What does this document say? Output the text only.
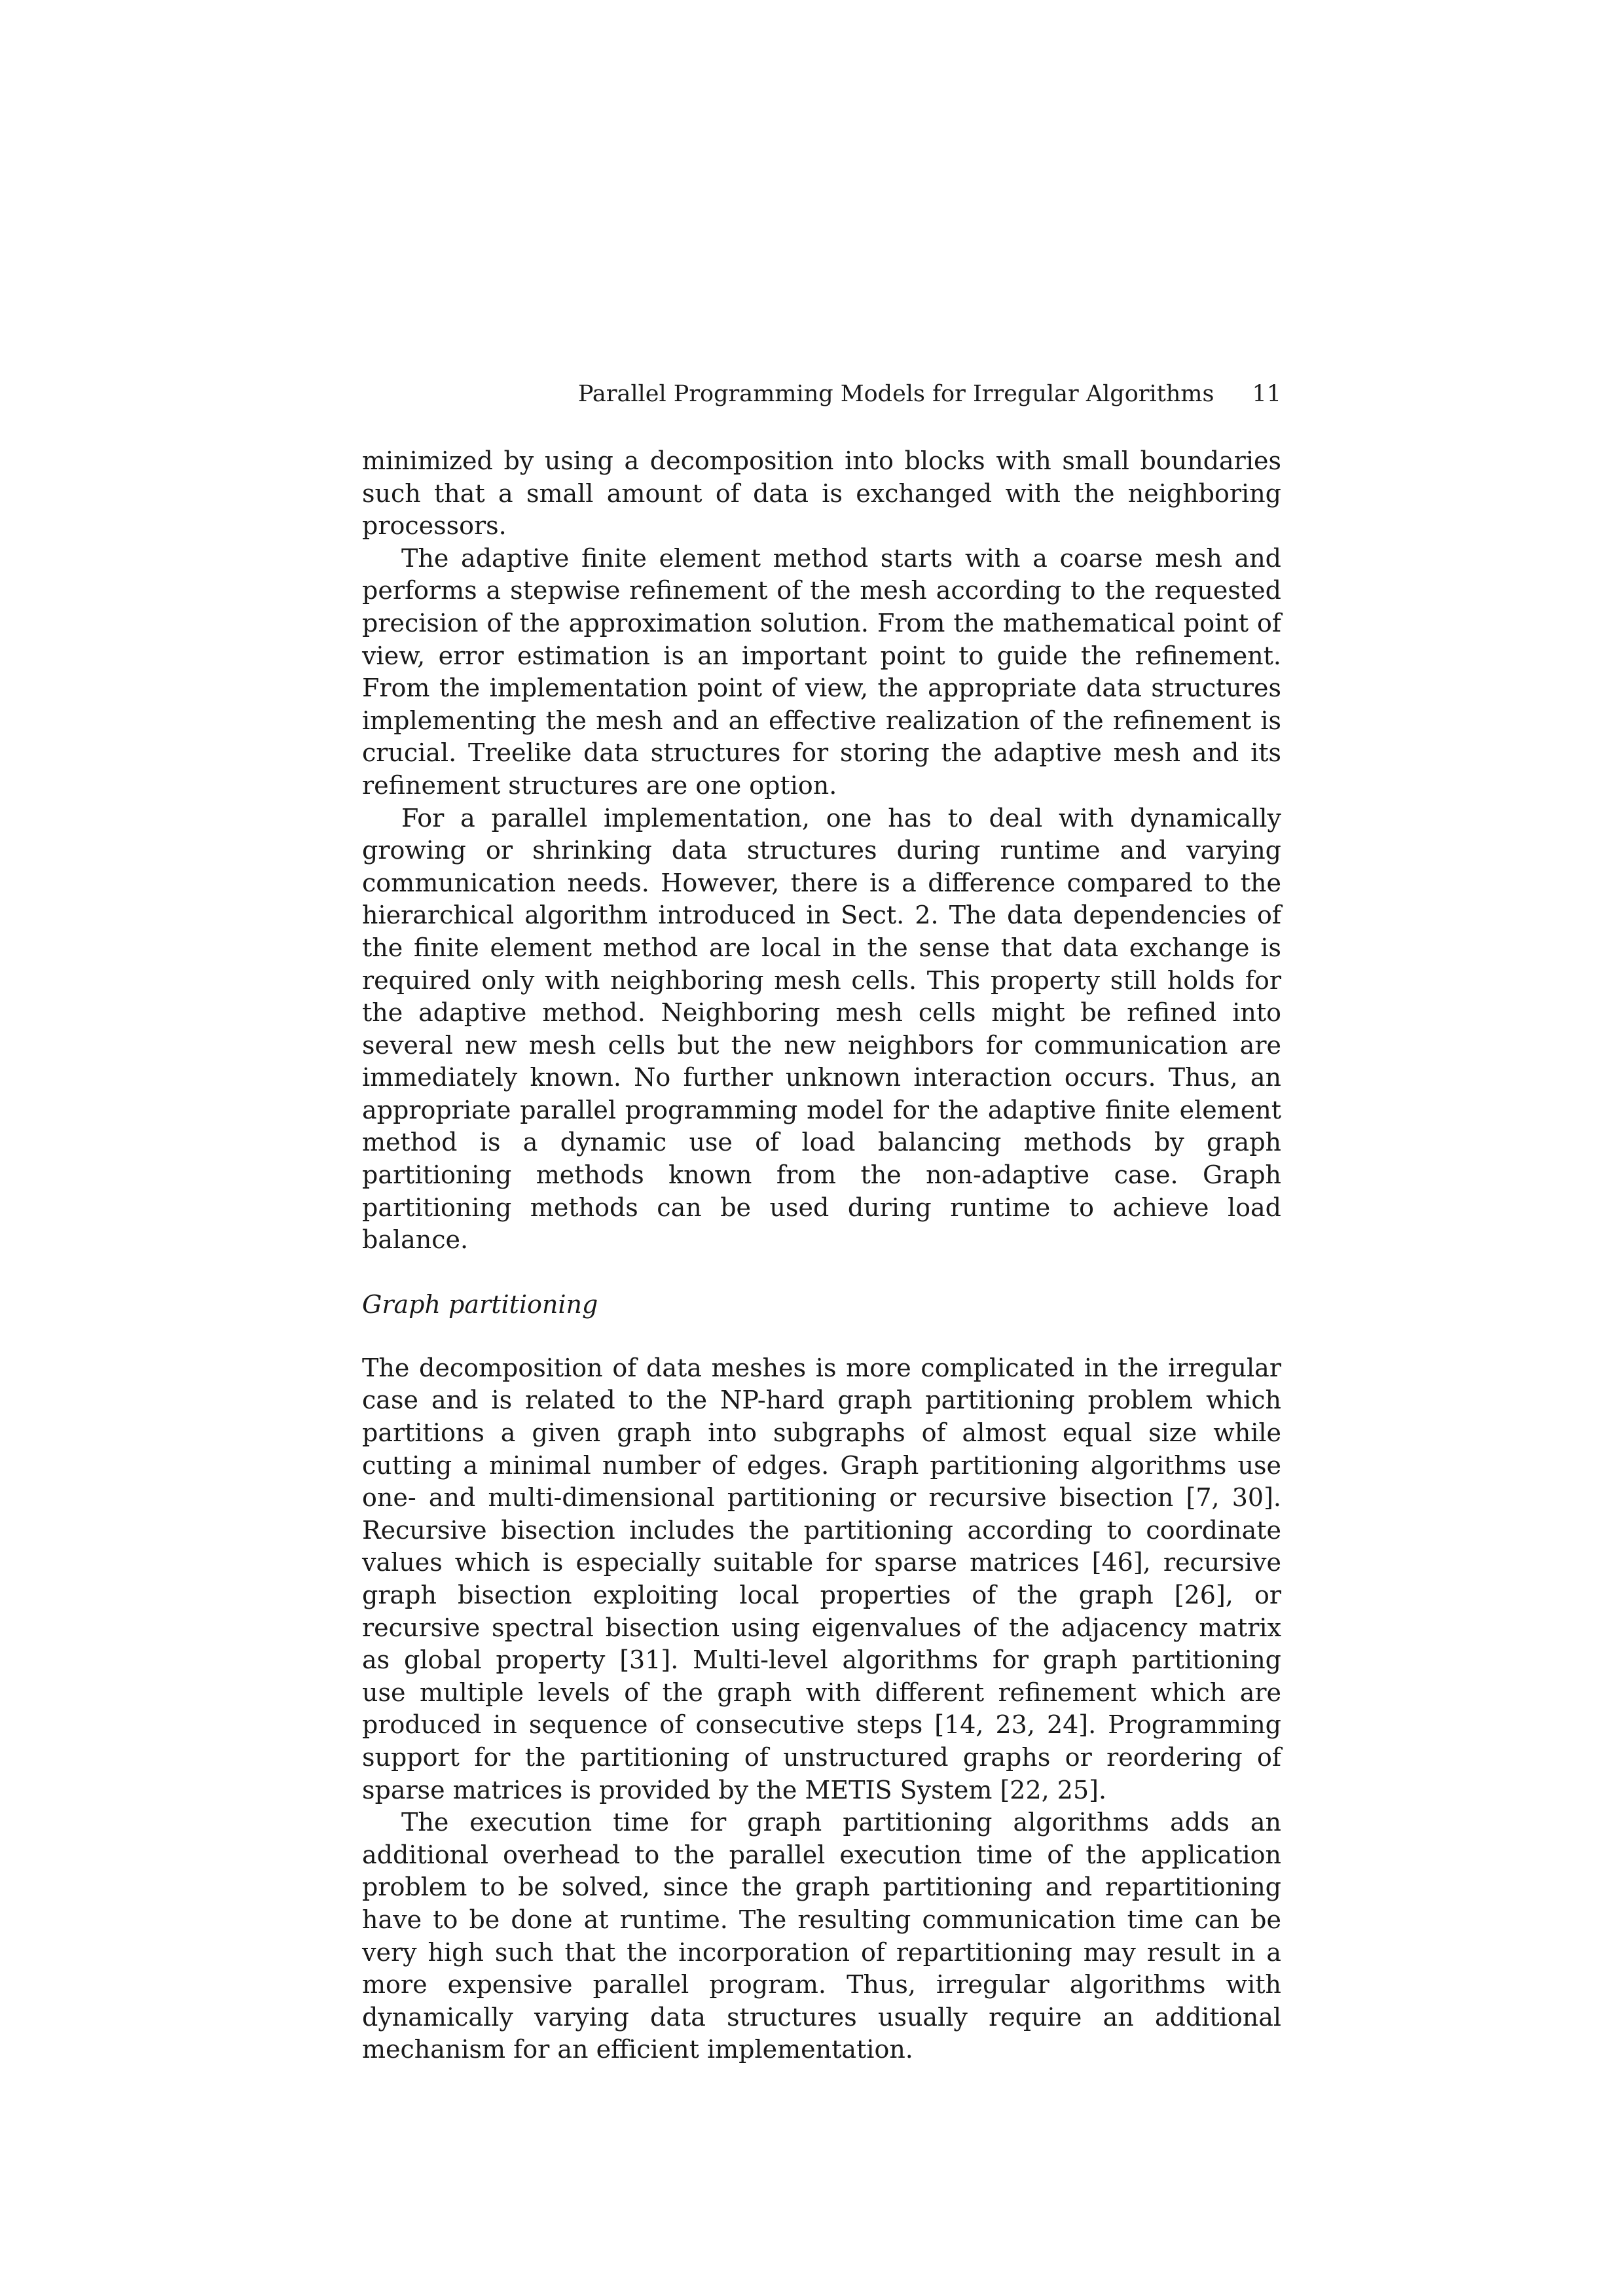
Parallel Programming Models for Irregular Algorithms 11

minimized by using a decomposition into blocks with small boundaries such that a small amount of data is exchanged with the neighboring processors.

The adaptive finite element method starts with a coarse mesh and performs a stepwise refinement of the mesh according to the requested precision of the approximation solution. From the mathematical point of view, error estimation is an important point to guide the refinement. From the implementation point of view, the appropriate data structures implementing the mesh and an effective realization of the refinement is crucial. Treelike data structures for storing the adaptive mesh and its refinement structures are one option.

For a parallel implementation, one has to deal with dynamically growing or shrinking data structures during runtime and varying communication needs. However, there is a difference compared to the hierarchical algorithm introduced in Sect. 2. The data dependencies of the finite element method are local in the sense that data exchange is required only with neighboring mesh cells. This property still holds for the adaptive method. Neighboring mesh cells might be refined into several new mesh cells but the new neighbors for communication are immediately known. No further unknown interaction occurs. Thus, an appropriate parallel programming model for the adaptive finite element method is a dynamic use of load balancing methods by graph partitioning methods known from the non-adaptive case. Graph partitioning methods can be used during runtime to achieve load balance.

Graph partitioning

The decomposition of data meshes is more complicated in the irregular case and is related to the NP-hard graph partitioning problem which partitions a given graph into subgraphs of almost equal size while cutting a minimal number of edges. Graph partitioning algorithms use one- and multi-dimensional partitioning or recursive bisection [7, 30]. Recursive bisection includes the partitioning according to coordinate values which is especially suitable for sparse matrices [46], recursive graph bisection exploiting local properties of the graph [26], or recursive spectral bisection using eigenvalues of the adjacency matrix as global property [31]. Multi-level algorithms for graph partitioning use multiple levels of the graph with different refinement which are produced in sequence of consecutive steps [14, 23, 24]. Programming support for the partitioning of unstructured graphs or reordering of sparse matrices is provided by the METIS System [22, 25].

The execution time for graph partitioning algorithms adds an additional overhead to the parallel execution time of the application problem to be solved, since the graph partitioning and repartitioning have to be done at runtime. The resulting communication time can be very high such that the incorporation of repartitioning may result in a more expensive parallel program. Thus, irregular algorithms with dynamically varying data structures usually require an additional mechanism for an efficient implementation.
